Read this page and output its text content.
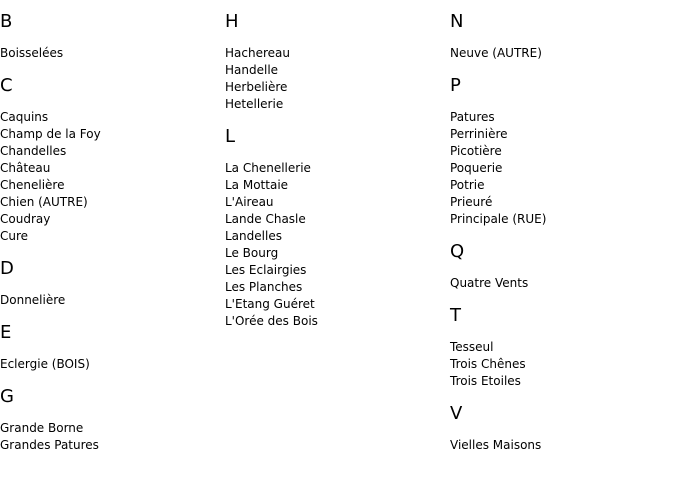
B
Boisselées
C
Caquins
Champ de la Foy
Chandelles
Château
Chenelière
Chien (AUTRE)
Coudray
Cure
D
Donnelière
E
Eclergie (BOIS)
G
Grande Borne
Grandes Patures
H
Hachereau
Handelle
Herbelière
Hetellerie
L
La Chenellerie
La Mottaie
L'Aireau
Lande Chasle
Landelles
Le Bourg
Les Eclairgies
Les Planches
L'Etang Guéret
L'Orée des Bois
N
Neuve (AUTRE)
P
Patures
Perrinière
Picotière
Poquerie
Potrie
Prieuré
Principale (RUE)
Q
Quatre Vents
T
Tesseul
Trois Chênes
Trois Etoiles
V
Vielles Maisons
